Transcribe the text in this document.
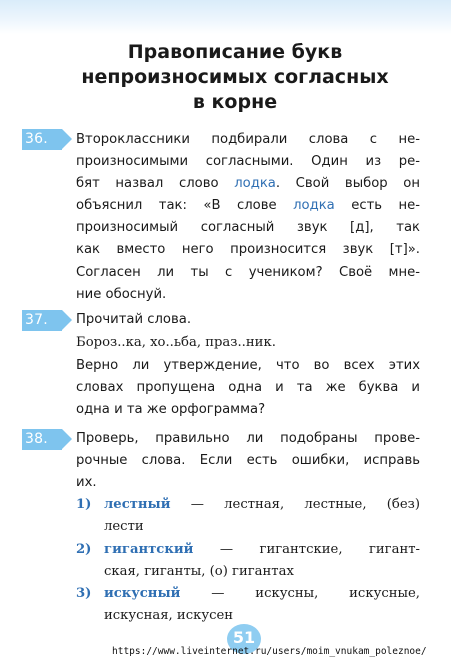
Правописание букв
непроизносимых согласных
в корне
36.	Второклассники подбирали слова с не-
произносимыми согласными. Один из ре-
бят назвал слово лодка. Свой выбор он
объяснил так: «В слове лодка есть не-
произносимый согласный звук [д], так
как вместо него произносится звук [т]».
Согласен ли ты с учеником? Своё мне-
ние обоснуй.
37.	Прочитай слова.
Бороз..ка, хо..ьба, праз..ник.
Верно ли утверждение, что во всех этих
словах пропущена одна и та же буква и
одна и та же орфограмма?
38.	Проверь, правильно ли подобраны прове-
рочные слова. Если есть ошибки, исправь
их.
1) лестный — лестная, лестные, (без)
лести
2) гигантский — гигантские, гигант-
ская, гиганты, (о) гигантах
3) искусный — искусны, искусные,
искусная, искусен
51
https://www.liveinternet.ru/users/moim_vnukam_poleznoe/
